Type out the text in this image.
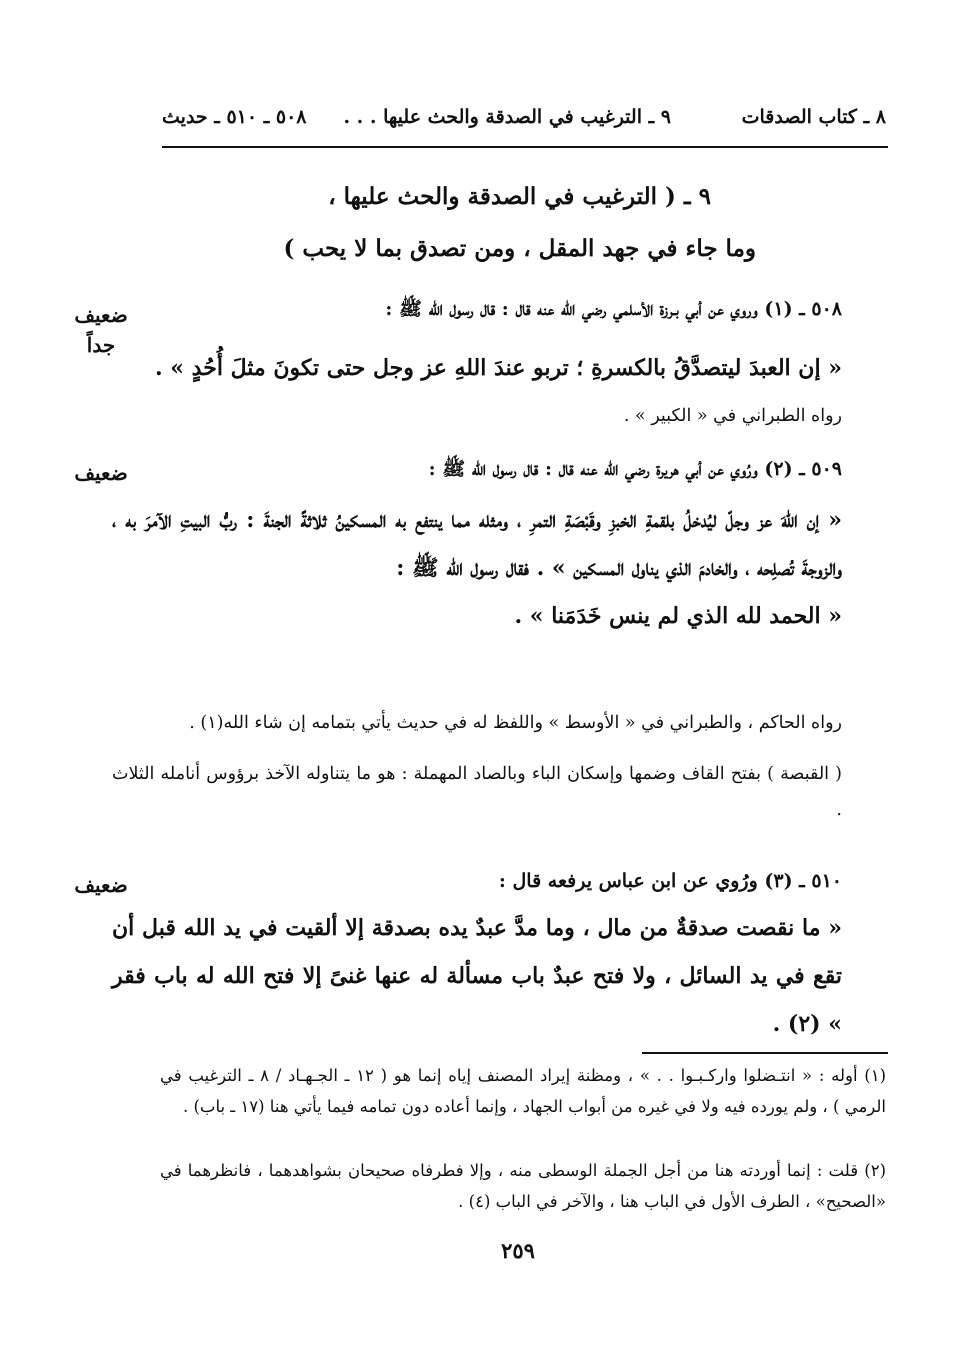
٨ ـ كتاب الصدقات
٩ ـ الترغيب في الصدقة والحث عليها . . .
٥٠٨ ـ ٥١٠ ـ حديث
٩ ـ ( الترغيب في الصدقة والحث عليها ،
وما جاء في جهد المقل ، ومن تصدق بما لا يحب )
ضعيف جداً
٥٠٨ ـ (١) وروي عن أبي بـرزة الأسلمي رضي الله عنه قال : قال رسول الله ﷺ :
« إن العبدَ ليتصدَّقُ بالكسرةِ ؛ تربو عندَ اللهِ عز وجل حتى تكونَ مثلَ أُحُدٍ » .
رواه الطبراني في « الكبير » .
ضعيف	٥٠٩ ـ (٢) ورُوي عن أبي هريرة رضي الله عنه قال : قال رسول الله ﷺ :
« إن اللهَ عز وجلّ ليُدخلُ بلقمةِ الخبزِ وقَبْصَةِ التمرِ ، ومثله مما ينتفع به المسكينُ ثلاثةً الجنةَ : ربُّ البيتِ الآمرَ به ، والزوجةَ تُصلِحه ، والخادمَ الذي يناول المسكين » . فقال رسول الله ﷺ :
« الحمد لله الذي لم ينس خَدَمَنا » .
رواه الحاكم ، والطبراني في « الأوسط » واللفظ له في حديث يأتي بتمامه إن شاء الله(١) .
( القبصة ) بفتح القاف وضمها وإسكان الباء وبالصاد المهملة : هو ما يتناوله الآخذ برؤوس أنامله الثلاث .
ضعيف	٥١٠ ـ (٣) ورُوي عن ابن عباس يرفعه قال :
« ما نقصت صدقةٌ من مال ، وما مدَّ عبدٌ يده بصدقة إلا ألقيت في يد الله قبل أن تقع في يد السائل ، ولا فتح عبدٌ باب مسألة له عنها غنىً إلا فتح الله له باب فقر » (٢) .
(١) أوله : « انتـضلوا واركـبـوا . . » ، ومظنة إيراد المصنف إياه إنما هو ( ١٢ ـ الجـهـاد / ٨ ـ الترغيب في الرمي ) ، ولم يورده فيه ولا في غيره من أبواب الجهاد ، وإنما أعاده دون تمامه فيما يأتي هنا (١٧ ـ باب) .
(٢) قلت : إنما أوردته هنا من أجل الجملة الوسطى منه ، وإلا فطرفاه صحيحان بشواهدهما ، فانظرهما في «الصحيح» ، الطرف الأول في الباب هنا ، والآخر في الباب (٤) .
٢٥٩
